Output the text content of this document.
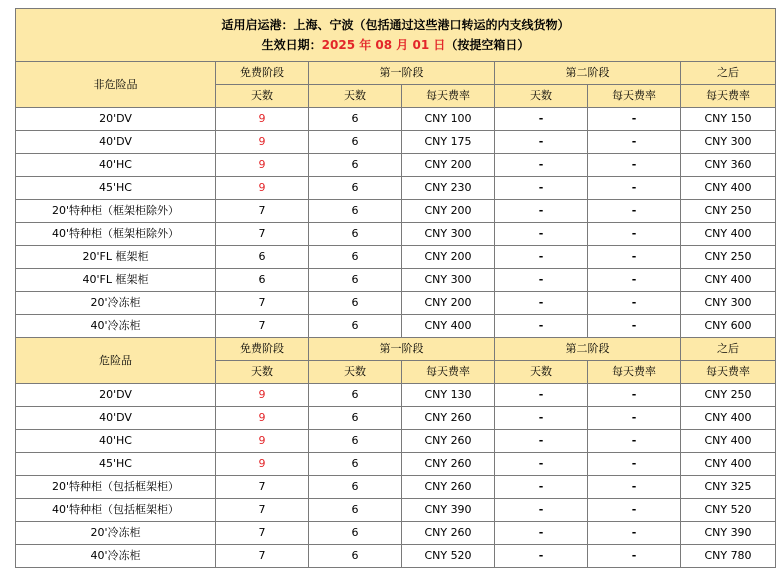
适用启运港：上海、宁波（包括通过这些港口转运的内支线货物）
生效日期：2025 年 08 月 01 日（按提空箱日）						

非危险品	免费阶段	第一阶段		第二阶段		之后
	天数	天数	每天费率	天数	每天费率	每天费率
20'DV	9	6	CNY 100	-	-	CNY 150
40'DV	9	6	CNY 175	-	-	CNY 300
40'HC	9	6	CNY 200	-	-	CNY 360
45'HC	9	6	CNY 230	-	-	CNY 400
20'特种柜（框架柜除外）	7	6	CNY 200	-	-	CNY 250
40'特种柜（框架柜除外）	7	6	CNY 300	-	-	CNY 400
20'FL 框架柜	6	6	CNY 200	-	-	CNY 250
40'FL 框架柜	6	6	CNY 300	-	-	CNY 400
20'冷冻柜	7	6	CNY 200	-	-	CNY 300
40'冷冻柜	7	6	CNY 400	-	-	CNY 600
危险品	免费阶段	第一阶段		第二阶段		之后
	天数	天数	每天费率	天数	每天费率	每天费率
20'DV	9	6	CNY 130	-	-	CNY 250
40'DV	9	6	CNY 260	-	-	CNY 400
40'HC	9	6	CNY 260	-	-	CNY 400
45'HC	9	6	CNY 260	-	-	CNY 400
20'特种柜（包括框架柜）	7	6	CNY 260	-	-	CNY 325
40'特种柜（包括框架柜）	7	6	CNY 390	-	-	CNY 520
20'冷冻柜	7	6	CNY 260	-	-	CNY 390
40'冷冻柜	7	6	CNY 520	-	-	CNY 780
